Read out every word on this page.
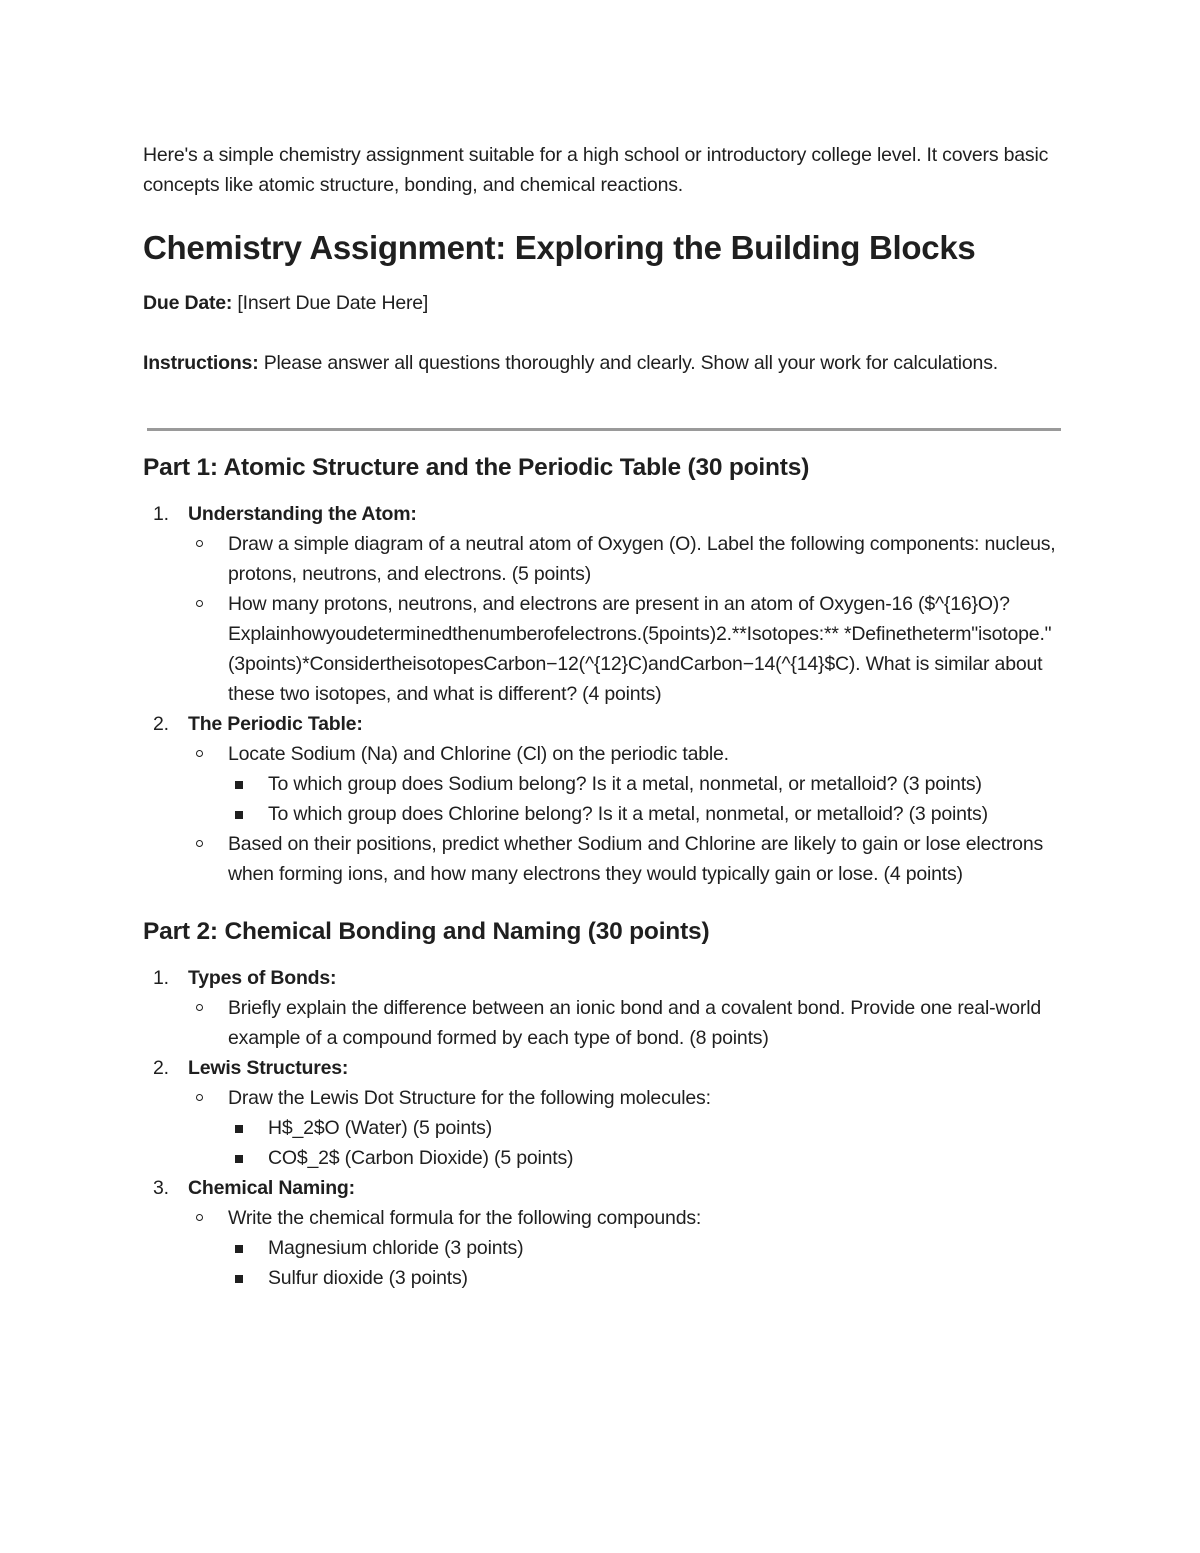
Here's a simple chemistry assignment suitable for a high school or introductory college level. It covers basic concepts like atomic structure, bonding, and chemical reactions.

Chemistry Assignment: Exploring the Building Blocks

Due Date: [Insert Due Date Here]

Instructions: Please answer all questions thoroughly and clearly. Show all your work for calculations.

Part 1: Atomic Structure and the Periodic Table (30 points)
1. Understanding the Atom:
Draw a simple diagram of a neutral atom of Oxygen (O). Label the following components: nucleus, protons, neutrons, and electrons. (5 points)
How many protons, neutrons, and electrons are present in an atom of Oxygen-16 ($^{16}O)?Explainhowyoudeterminedthenumberofelectrons.(5points)2.**Isotopes:** *Definetheterm"isotope."(3points)*ConsidertheisotopesCarbon−12(^{12}C)andCarbon−14(^{14}$C). What is similar about these two isotopes, and what is different? (4 points)
2. The Periodic Table:
Locate Sodium (Na) and Chlorine (Cl) on the periodic table.
To which group does Sodium belong? Is it a metal, nonmetal, or metalloid? (3 points)
To which group does Chlorine belong? Is it a metal, nonmetal, or metalloid? (3 points)
Based on their positions, predict whether Sodium and Chlorine are likely to gain or lose electrons when forming ions, and how many electrons they would typically gain or lose. (4 points)
Part 2: Chemical Bonding and Naming (30 points)
1. Types of Bonds:
Briefly explain the difference between an ionic bond and a covalent bond. Provide one real-world example of a compound formed by each type of bond. (8 points)
2. Lewis Structures:
Draw the Lewis Dot Structure for the following molecules:
H$_2$O (Water) (5 points)
CO$_2$ (Carbon Dioxide) (5 points)
3. Chemical Naming:
Write the chemical formula for the following compounds:
Magnesium chloride (3 points)
Sulfur dioxide (3 points)
